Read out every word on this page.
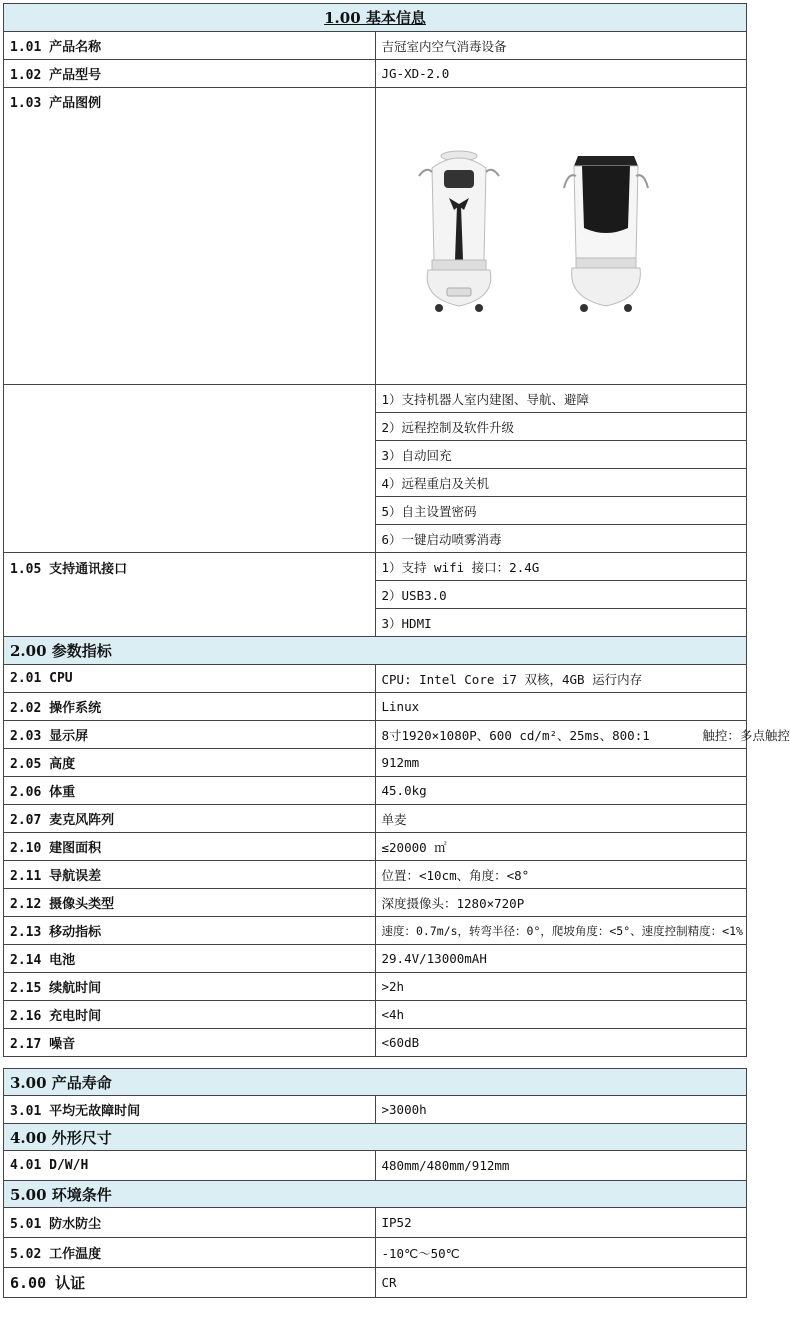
1.00 基本信息	
1.01 产品名称	吉冠室内空气消毒设备
1.02 产品型号	JG-XD-2.0
1.03 产品图例	

	1）支持机器人室内建图、导航、避障
	2）远程控制及软件升级
	3）自动回充
	4）远程重启及关机
	5）自主设置密码
	6）一键启动喷雾消毒
1.05 支持通讯接口	1）支持 wifi 接口：2.4G
	2）USB3.0
	3）HDMI
2.00 参数指标	
2.01 CPU	CPU: Intel Core i7 双核，4GB 运行内存
2.02 操作系统	Linux
2.03 显示屏	8寸1920×1080P、600 cd/m²、25ms、800:1       触控：多点触控
2.05 高度	912mm
2.06 体重	45.0kg
2.07 麦克风阵列	单麦
2.10 建图面积	≤20000 ㎡
2.11 导航误差	位置：<10cm、角度：<8°
2.12 摄像头类型	深度摄像头：1280×720P
2.13 移动指标	速度：0.7m/s，转弯半径：0°，爬坡角度：<5°、速度控制精度：<1%
2.14 电池	29.4V/13000mAH
2.15 续航时间	>2h
2.16 充电时间	<4h
2.17 噪音	<60dB
3.00 产品寿命	
3.01 平均无故障时间	>3000h
4.00 外形尺寸	
4.01 D/W/H	480mm/480mm/912mm
5.00 环境条件	
5.01 防水防尘	IP52
5.02 工作温度	-10℃～50℃
6.00 认证	CR
